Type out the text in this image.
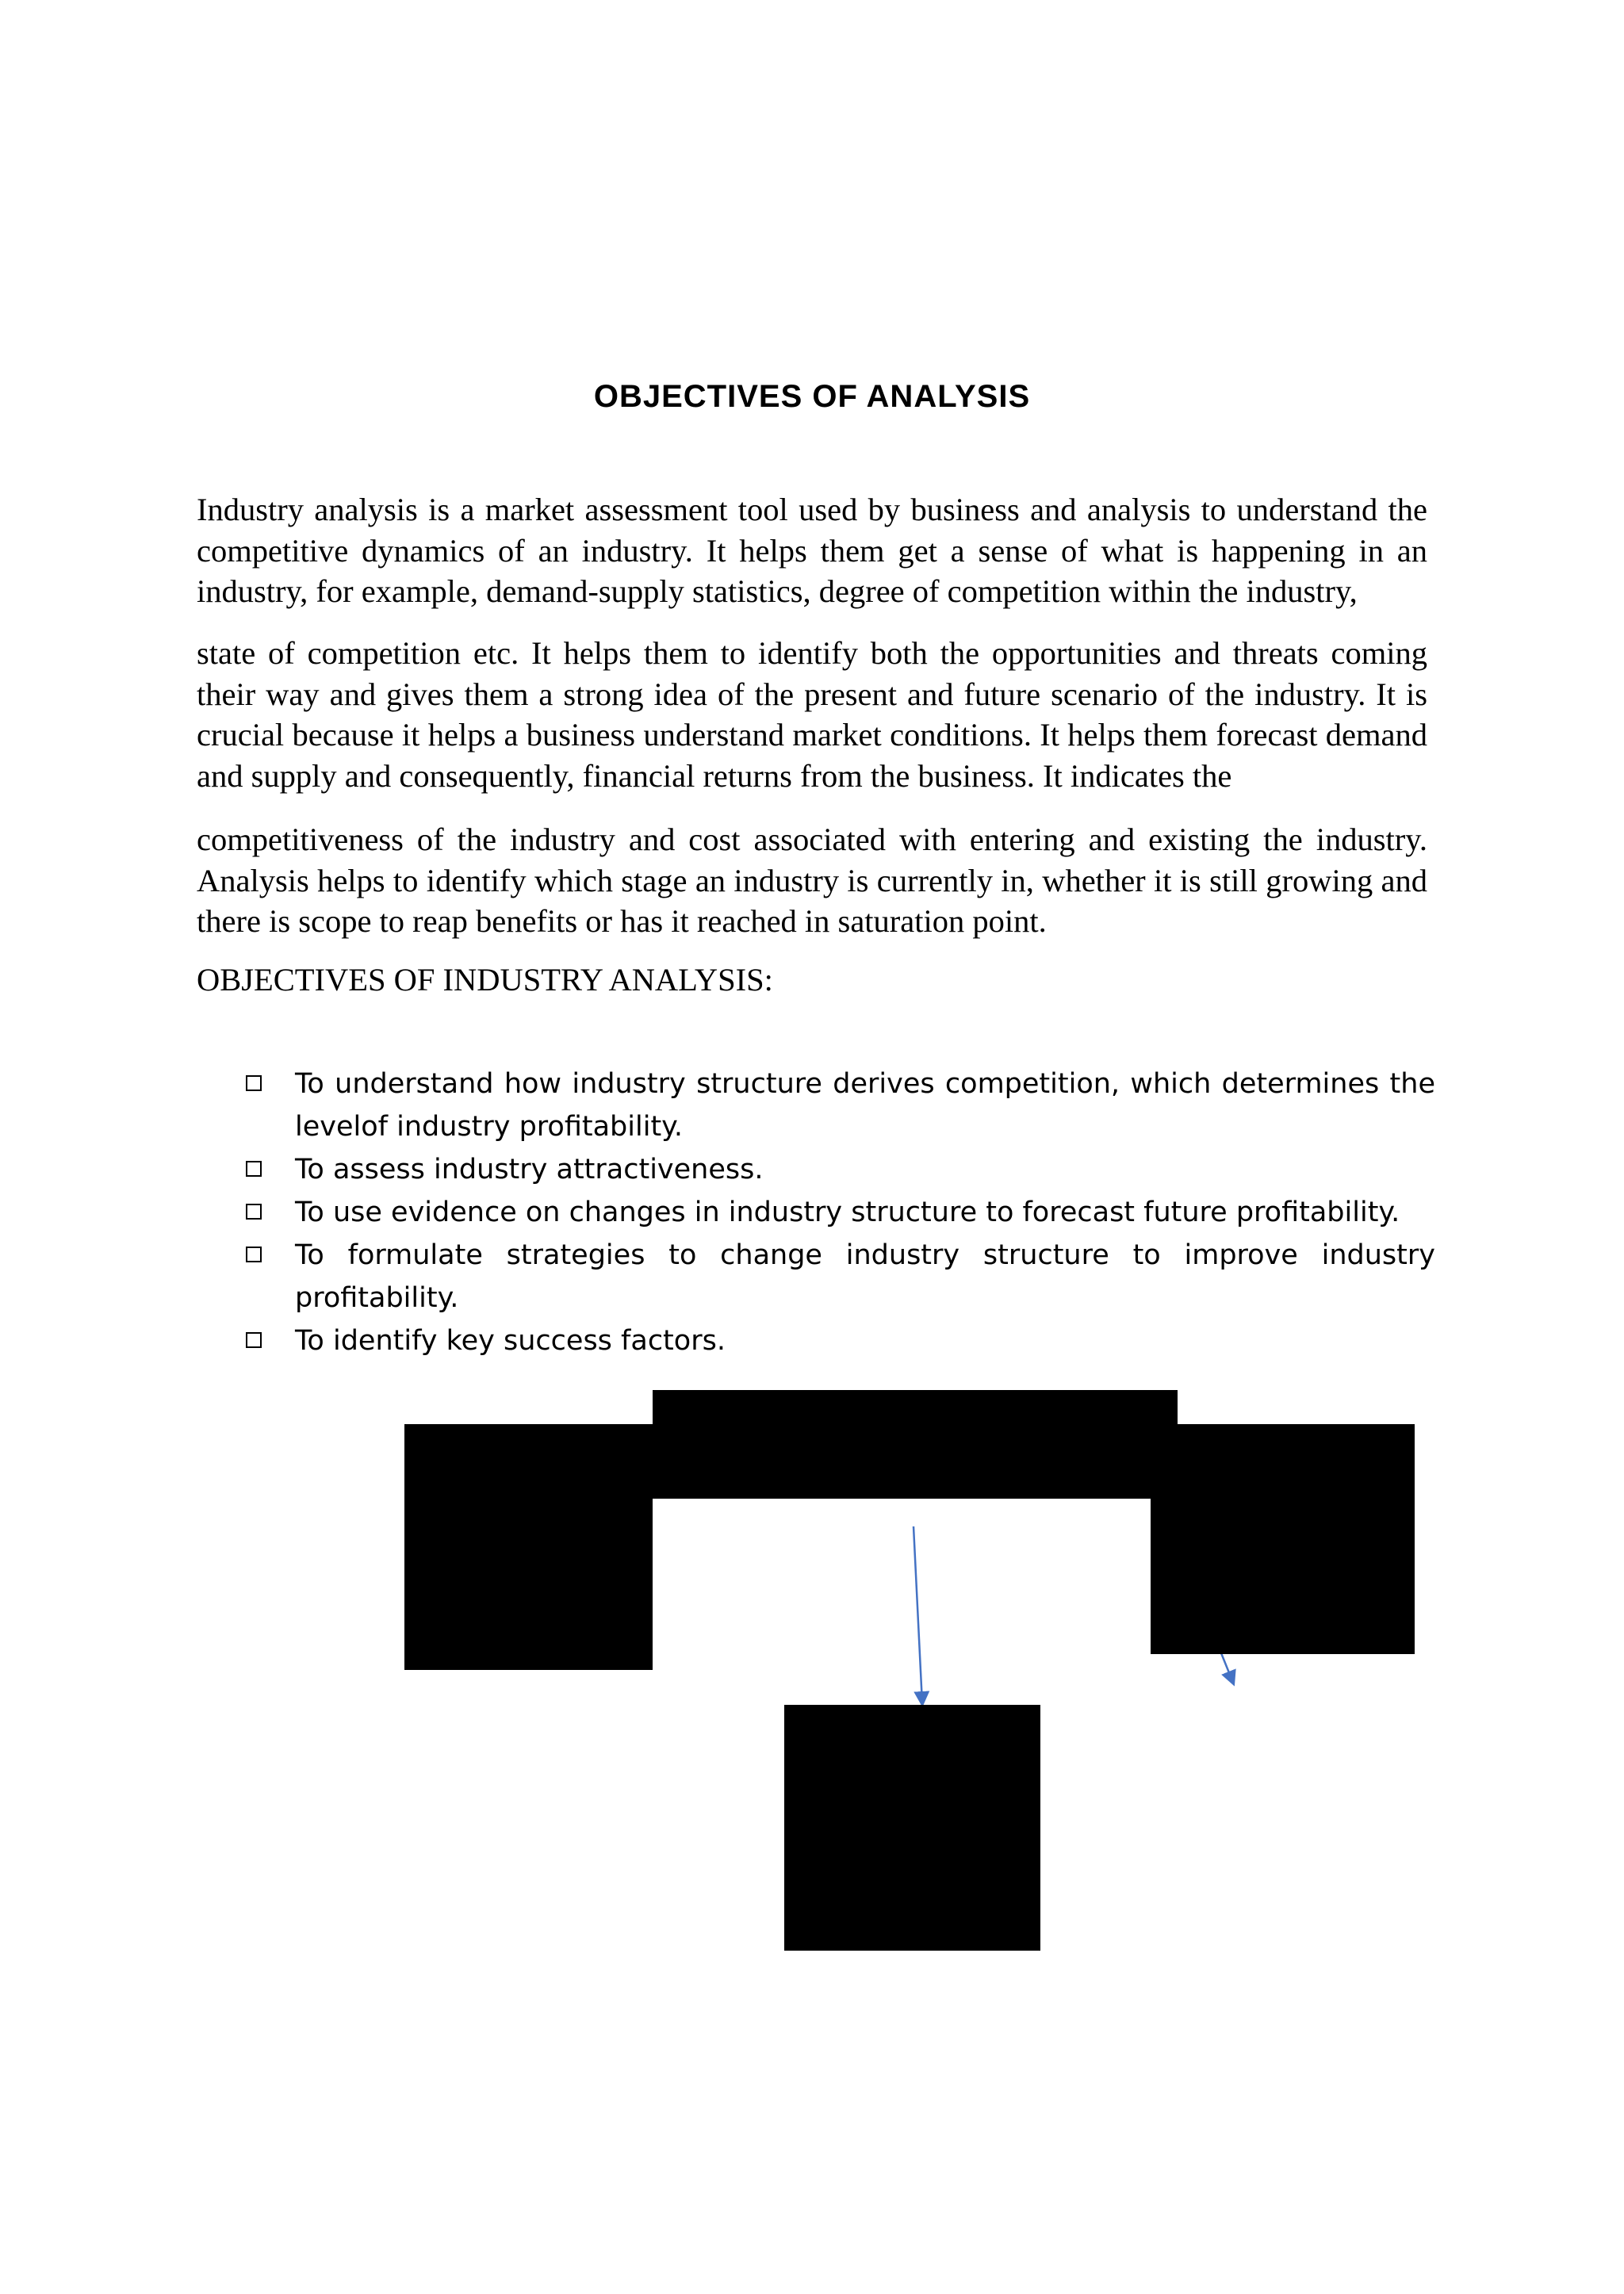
OBJECTIVES OF ANALYSIS

Industry analysis is a market assessment tool used by business and analysis to understand the competitive dynamics of an industry. It helps them get a sense of what is happening in an industry, for example, demand-supply statistics, degree of competition within the industry,

state of competition etc. It helps them to identify both the opportunities and threats coming their way and gives them a strong idea of the present and future scenario of the industry. It is crucial because it helps a business understand market conditions. It helps them forecast demand and supply and consequently, financial returns from the business. It indicates the

competitiveness of the industry and cost associated with entering and existing the industry. Analysis helps to identify which stage an industry is currently in, whether it is still growing and there is scope to reap benefits or has it reached in saturation point.

OBJECTIVES OF INDUSTRY ANALYSIS:

To understand how industry structure derives competition, which determines the levelof industry profitability.
To assess industry attractiveness.
To use evidence on changes in industry structure to forecast future profitability.
To formulate strategies to change industry structure to improve industry profitability.
To identify key success factors.
